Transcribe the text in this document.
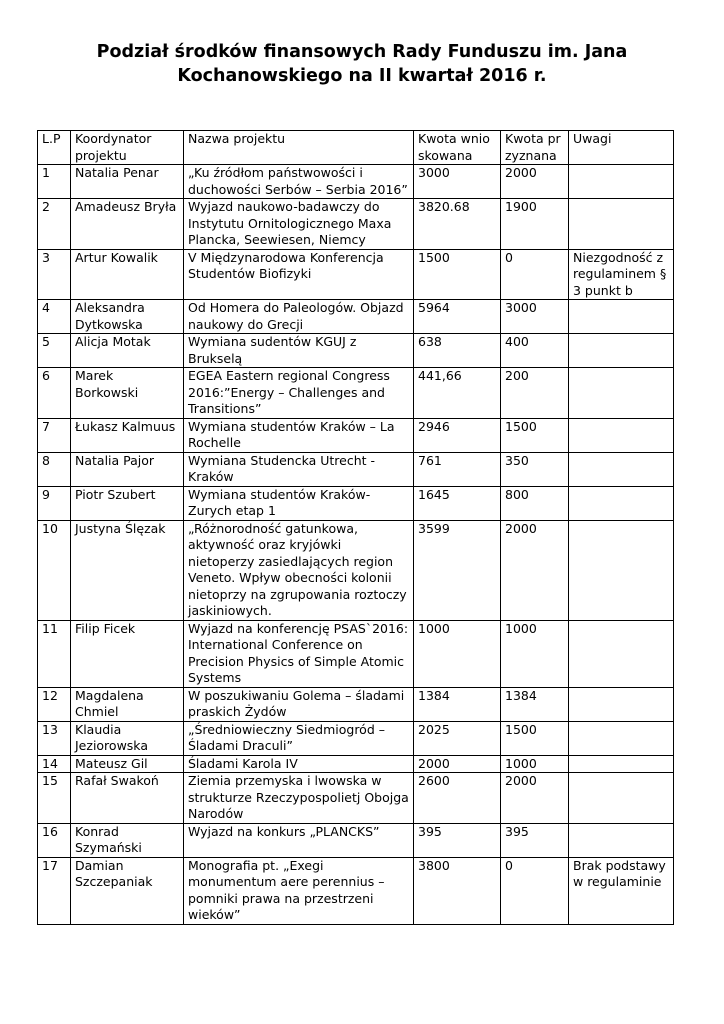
Podział środków finansowych Rady Funduszu im. Jana
Kochanowskiego na II kwartał 2016 r.
L.P	Koordynator projektu	Nazwa projektu	Kwota wnioskowana	Kwota przyznana	Uwagi
1	Natalia Penar	„Ku źródłom państwowości i duchowości Serbów – Serbia 2016”	3000	2000	
2	Amadeusz Bryła	Wyjazd naukowo-badawczy do Instytutu Ornitologicznego Maxa Plancka, Seewiesen, Niemcy	3820.68	1900	
3	Artur Kowalik	V Międzynarodowa Konferencja Studentów Biofizyki	1500	0	Niezgodność z regulaminem §3 punkt b
4	Aleksandra Dytkowska	Od Homera do Paleologów. Objazd naukowy do Grecji	5964	3000	
5	Alicja Motak	Wymiana sudentów KGUJ z Brukselą	638	400	
6	Marek Borkowski	EGEA Eastern regional Congress 2016:”Energy – Challenges and Transitions”	441,66	200	
7	Łukasz Kalmuus	Wymiana studentów Kraków – La Rochelle	2946	1500	
8	Natalia Pajor	Wymiana Studencka Utrecht - Kraków	761	350	
9	Piotr Szubert	Wymiana studentów Kraków-Zurych etap 1	1645	800	
10	Justyna Ślęzak	„Różnorodność gatunkowa, aktywność oraz kryjówki nietoperzy zasiedlających region Veneto. Wpływ obecności kolonii nietoprzy na zgrupowania roztoczy jaskiniowych.	3599	2000	
11	Filip Ficek	Wyjazd na konferencję PSAS`2016: International Conference on Precision Physics of Simple Atomic Systems	1000	1000	
12	Magdalena Chmiel	W poszukiwaniu Golema – śladami praskich Żydów	1384	1384	
13	Klaudia Jeziorowska	„Średniowieczny Siedmiogród – Śladami Draculi”	2025	1500	
14	Mateusz Gil	Śladami Karola IV	2000	1000	
15	Rafał Swakoń	Ziemia przemyska i lwowska w strukturze Rzeczypospolietj Obojga Narodów	2600	2000	
16	Konrad Szymański	Wyjazd na konkurs „PLANCKS”	395	395	
17	Damian Szczepaniak	Monografia pt. „Exegi monumentum aere perennius – pomniki prawa na przestrzeni wieków”	3800	0	Brak podstawy w regulaminie
